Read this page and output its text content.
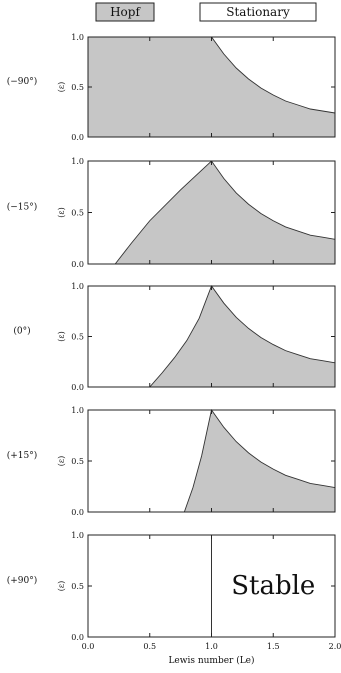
Hopf	Stationary
0.0
0.5
1.0
(ε)
(−90°)
0.0
0.5
1.0
(ε)
(−15°)
0.0
0.5
1.0
(ε)
(0°)
0.0
0.5
1.0
(ε)
(+15°)
0.0
0.5
1.0
(ε)
(+90°)	Stable
0.0	0.5	1.0	1.5	2.0
Lewis number (Le)
